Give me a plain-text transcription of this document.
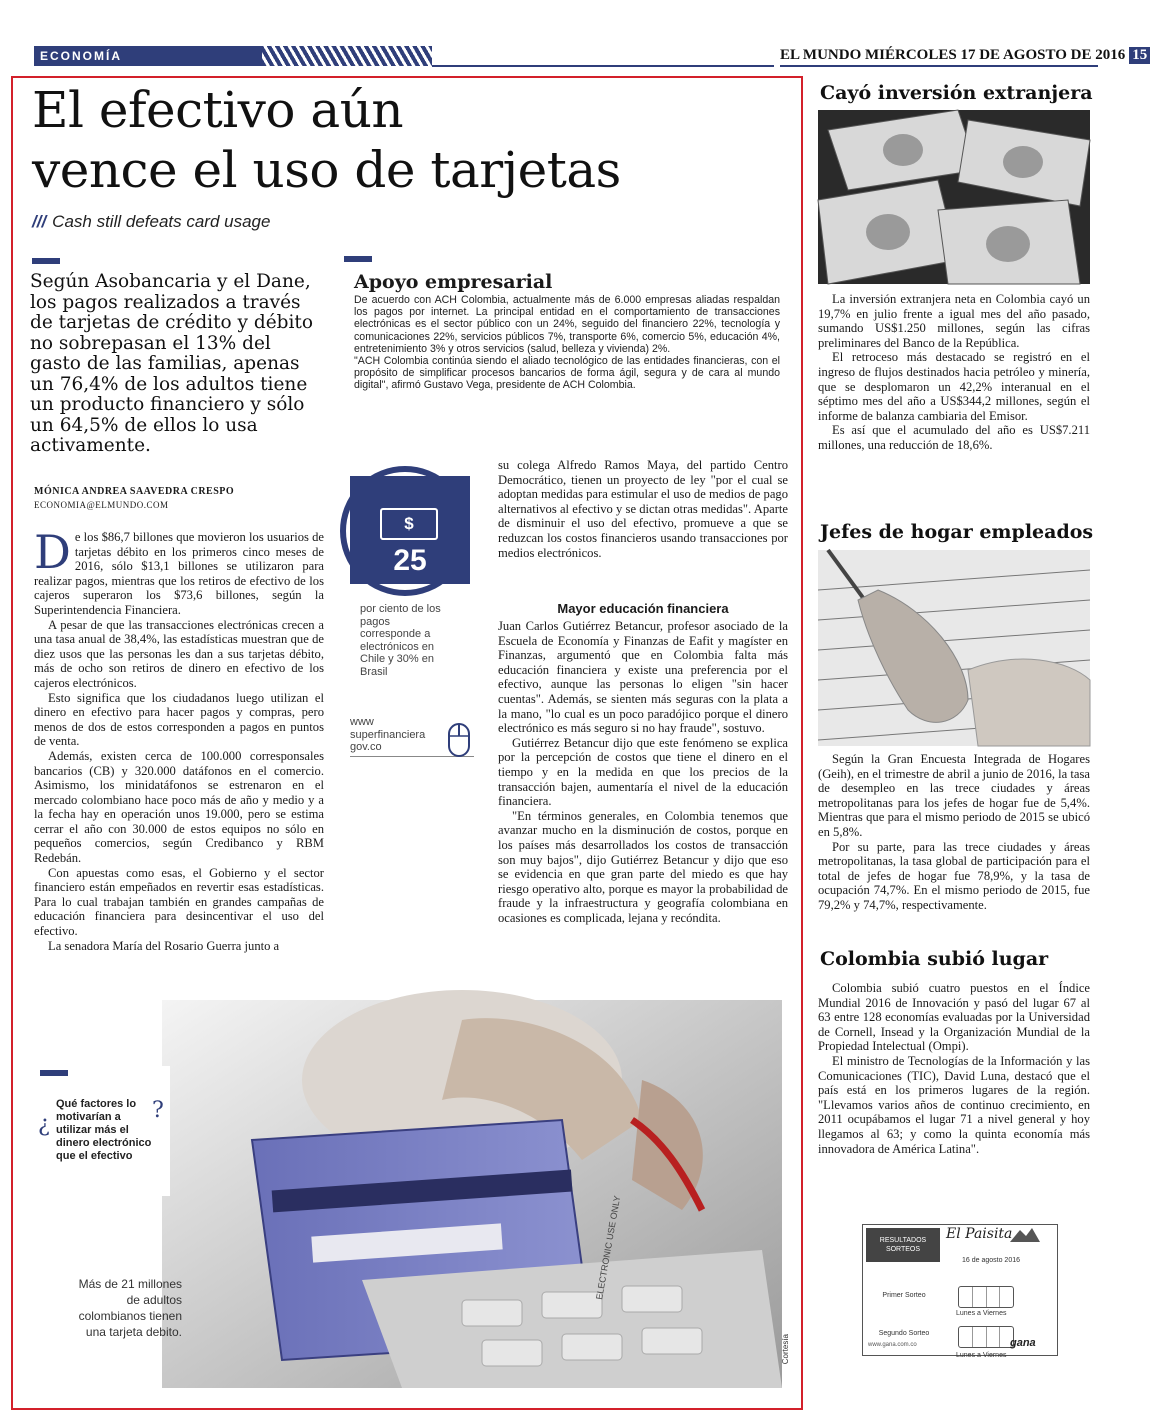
ECONOMÍA	EL MUNDO MIÉRCOLES 17 DE AGOSTO DE 2016 15
El efectivo aún
vence el uso de tarjetas
/// Cash still defeats card usage
Según Asobancaria y el Dane, los pagos realizados a través de tarjetas de crédito y débito no sobrepasan el 13% del gasto de las familias, apenas un 76,4% de los adultos tiene un producto financiero y sólo un 64,5% de ellos lo usa activamente.
MÓNICA ANDREA SAAVEDRA CRESPO
ECONOMIA@ELMUNDO.COM
D e los $86,7 billones que movieron los usuarios de tarjetas débito en los primeros cinco meses de 2016, sólo $13,1 billones se utilizaron para realizar pagos, mientras que los retiros de efectivo de los cajeros superaron los $73,6 billones, según la Superintendencia Financiera.

A pesar de que las transacciones electrónicas crecen a una tasa anual de 38,4%, las estadísticas muestran que de diez usos que las personas les dan a sus tarjetas débito, más de ocho son retiros de dinero en efectivo de los cajeros electrónicos.

Esto significa que los ciudadanos luego utilizan el dinero en efectivo para hacer pagos y compras, pero menos de dos de estos corresponden a pagos en puntos de venta.

Además, existen cerca de 100.000 corresponsales bancarios (CB) y 320.000 datáfonos en el comercio. Asimismo, los minidatáfonos se estrenaron en el mercado colombiano hace poco más de año y medio y a la fecha hay en operación unos 19.000, pero se estima cerrar el año con 30.000 de estos equipos no sólo en pequeños comercios, según Credibanco y RBM Redebán.

Con apuestas como esas, el Gobierno y el sector financiero están empeñados en revertir esas estadísticas. Para lo cual trabajan también en grandes campañas de educación financiera para desincentivar el uso del efectivo.

La senadora María del Rosario Guerra junto a

Apoyo empresarial

De acuerdo con ACH Colombia, actualmente más de 6.000 empresas aliadas respaldan los pagos por internet. La principal entidad en el comportamiento de transacciones electrónicas es el sector público con un 24%, seguido del financiero 22%, tecnología y comunicaciones 22%, servicios públicos 7%, transporte 6%, comercio 5%, educación 4%, entretenimiento 3% y otros servicios (salud, belleza y vivienda) 2%.

"ACH Colombia continúa siendo el aliado tecnológico de las entidades financieras, con el propósito de simplificar procesos bancarios de forma ágil, segura y de cara al mundo digital", afirmó Gustavo Vega, presidente de ACH Colombia.

$
25
por ciento de los pagos corresponde a electrónicos en Chile y 30% en Brasil
www superfinanciera gov.co

su colega Alfredo Ramos Maya, del partido Centro Democrático, tienen un proyecto de ley "por el cual se adoptan medidas para estimular el uso de medios de pago alternativos al efectivo y se dictan otras medidas". Aparte de disminuir el uso del efectivo, promueve a que se reduzcan los costos financieros usando transacciones por medios electrónicos.

Mayor educación financiera

Juan Carlos Gutiérrez Betancur, profesor asociado de la Escuela de Economía y Finanzas de Eafit y magíster en Finanzas, argumentó que en Colombia falta más educación financiera y existe una preferencia por el efectivo, aunque las personas lo eligen "sin hacer cuentas". Además, se sienten más seguras con la plata a la mano, "lo cual es un poco paradójico porque el dinero electrónico es más seguro si no hay fraude", sostuvo.

Gutiérrez Betancur dijo que este fenómeno se explica por la percepción de costos que tiene el dinero en el tiempo y en la medida en que los precios de la transacción bajen, aumentaría el nivel de la educación financiera.

"En términos generales, en Colombia tenemos que avanzar mucho en la disminución de costos, porque en los países más desarrollados los costos de transacción son muy bajos", dijo Gutiérrez Betancur y dijo que eso se evidencia en que gran parte del miedo es que hay riesgo operativo alto, porque es mayor la probabilidad de fraude y la infraestructura y geografía colombiana en ocasiones es complicada, lejana y recóndita.

ELECTRONIC USE ONLY
¿
Qué factores lo motivarían a utilizar más el dinero electrónico que el efectivo
?
Más de 21 millones de adultos colombianos tienen una tarjeta debito.
Cortesía
Cayó inversión extranjera

La inversión extranjera neta en Colombia cayó un 19,7% en julio frente a igual mes del año pasado, sumando US$1.250 millones, según las cifras preliminares del Banco de la República.

El retroceso más destacado se registró en el ingreso de flujos destinados hacia petróleo y minería, que se desplomaron un 42,2% interanual en el séptimo mes del año a US$344,2 millones, según el informe de balanza cambiaria del Emisor.

Es así que el acumulado del año es US$7.211 millones, una reducción de 18,6%.

Jefes de hogar empleados

Según la Gran Encuesta Integrada de Hogares (Geih), en el trimestre de abril a junio de 2016, la tasa de desempleo en las trece ciudades y áreas metropolitanas para los jefes de hogar fue de 5,4%. Mientras que para el mismo periodo de 2015 se ubicó en 5,8%.

Por su parte, para las trece ciudades y áreas metropolitanas, la tasa global de participación para el total de jefes de hogar fue 78,9%, y la tasa de ocupación 74,7%. En el mismo periodo de 2015, fue 79,2% y 74,7%, respectivamente.

Colombia subió lugar

Colombia subió cuatro puestos en el Índice Mundial 2016 de Innovación y pasó del lugar 67 al 63 entre 128 economías evaluadas por la Universidad de Cornell, Insead y la Organización Mundial de la Propiedad Intelectual (Ompi).

El ministro de Tecnologías de la Información y las Comunicaciones (TIC), David Luna, destacó que el país está en los primeros lugares de la región. "Llevamos varios años de continuo crecimiento, en 2011 ocupábamos el lugar 71 a nivel general y hoy llegamos al 63; y como la quinta economía más innovadora de América Latina".

RESULTADOS SORTEOS
El Paisita
16 de agosto 2016
Primer Sorteo
Lunes a Viernes
Segundo Sorteo
Lunes a Viernes
www.gana.com.co	gana
